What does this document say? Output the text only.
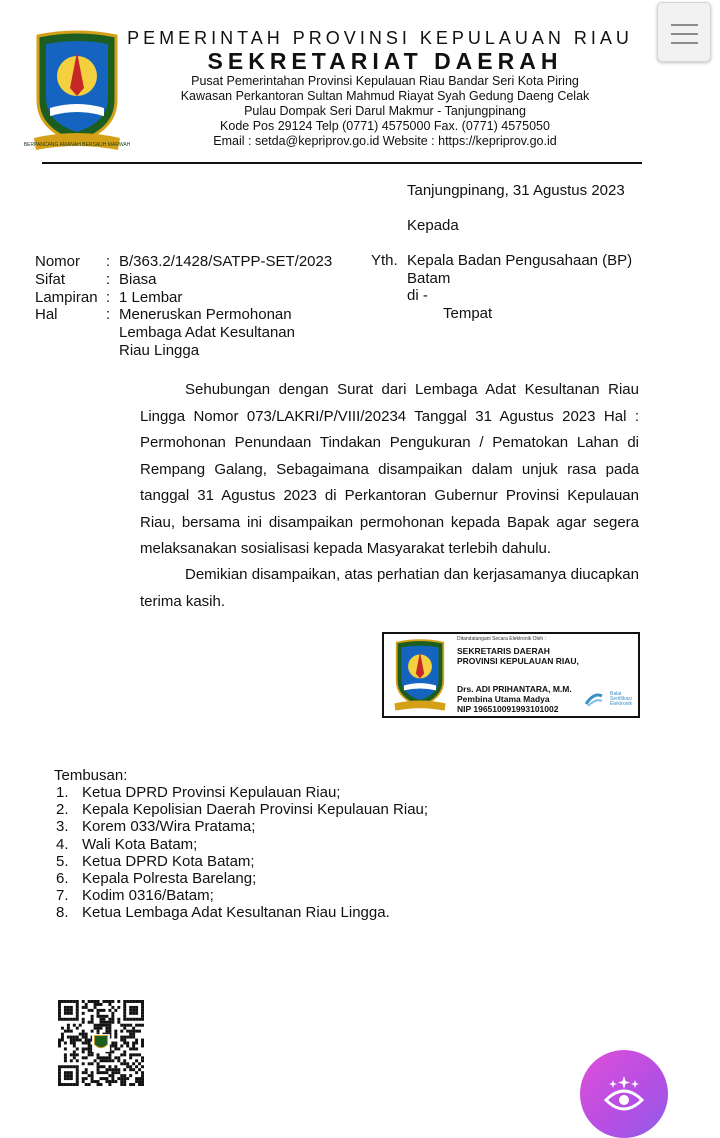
BERPANCANG AMANAH BERSAUH MARWAH
PEMERINTAH PROVINSI KEPULAUAN RIAU
SEKRETARIAT DAERAH
Pusat Pemerintahan Provinsi Kepulauan Riau Bandar Seri Kota Piring
Kawasan Perkantoran Sultan Mahmud Riayat Syah Gedung Daeng Celak
Pulau Dompak Seri Darul Makmur - Tanjungpinang
Kode Pos 29124 Telp (0771) 4575000 Fax. (0771) 4575050
Email : setda@kepriprov.go.id Website : https://kepriprov.go.id
Tanjungpinang, 31 Agustus 2023
Kepada
Yth. Kepala Badan Pengusahaan (BP)
Batam
di -
Tempat
Nomor : B/363.2/1428/SATPP-SET/2023
Sifat	: Biasa
Lampiran : 1 Lembar
Hal	: Meneruskan Permohonan
Lembaga Adat Kesultanan
Riau Lingga
Sehubungan dengan Surat dari Lembaga Adat Kesultanan Riau Lingga Nomor 073/LAKRI/P/VIII/20234 Tanggal 31 Agustus 2023 Hal : Permohonan Penundaan Tindakan Pengukuran / Pematokan Lahan di Rempang Galang, Sebagaimana disampaikan dalam unjuk rasa pada tanggal 31 Agustus 2023 di Perkantoran Gubernur Provinsi Kepulauan Riau, bersama ini disampaikan permohonan kepada Bapak agar segera melaksanakan sosialisasi kepada Masyarakat terlebih dahulu.
Demikian disampaikan, atas perhatian dan kerjasamanya diucapkan terima kasih.
Ditandatangani Secara Elektronik Oleh :
SEKRETARIS DAERAH
PROVINSI KEPULAUAN RIAU,
Drs. ADI PRIHANTARA, M.M.
Pembina Utama Madya
NIP 196510091993101002
Balai
Sertifikasi
Elektronik
Tembusan:
1. Ketua DPRD Provinsi Kepulauan Riau;
2. Kepala Kepolisian Daerah Provinsi Kepulauan Riau;
3. Korem 033/Wira Pratama;
4. Wali Kota Batam;
5. Ketua DPRD Kota Batam;
6. Kepala Polresta Barelang;
7. Kodim 0316/Batam;
8. Ketua Lembaga Adat Kesultanan Riau Lingga.
